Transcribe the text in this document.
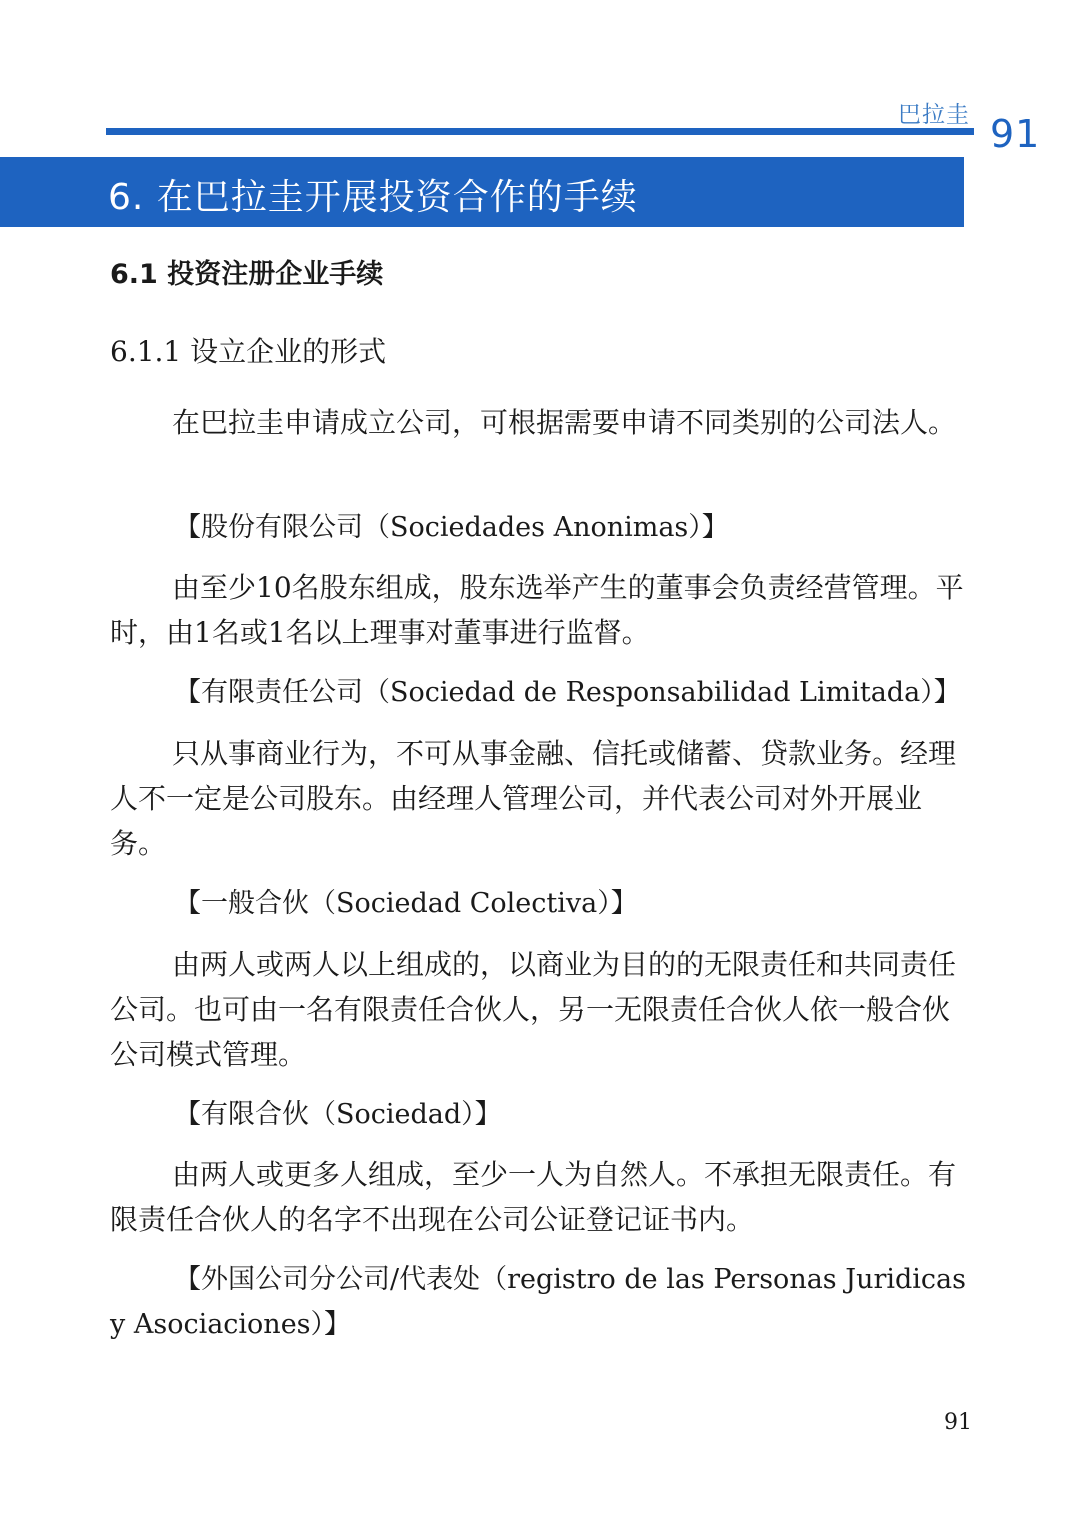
巴拉圭 91
6. 在巴拉圭开展投资合作的手续
6.1 投资注册企业手续
6.1.1 设立企业的形式
在巴拉圭申请成立公司，可根据需要申请不同类别的公司法人。
【股份有限公司（Sociedades Anonimas）】
由至少10名股东组成，股东选举产生的董事会负责经营管理。平时，由1名或1名以上理事对董事进行监督。
【有限责任公司（Sociedad de Responsabilidad Limitada）】
只从事商业行为，不可从事金融、信托或储蓄、贷款业务。经理人不一定是公司股东。由经理人管理公司，并代表公司对外开展业务。
【一般合伙（Sociedad Colectiva）】
由两人或两人以上组成的，以商业为目的的无限责任和共同责任公司。也可由一名有限责任合伙人，另一无限责任合伙人依一般合伙公司模式管理。
【有限合伙（Sociedad）】
由两人或更多人组成，至少一人为自然人。不承担无限责任。有限责任合伙人的名字不出现在公司公证登记证书内。
【外国公司分公司/代表处（registro de las Personas Juridicas y Asociaciones）】
91
